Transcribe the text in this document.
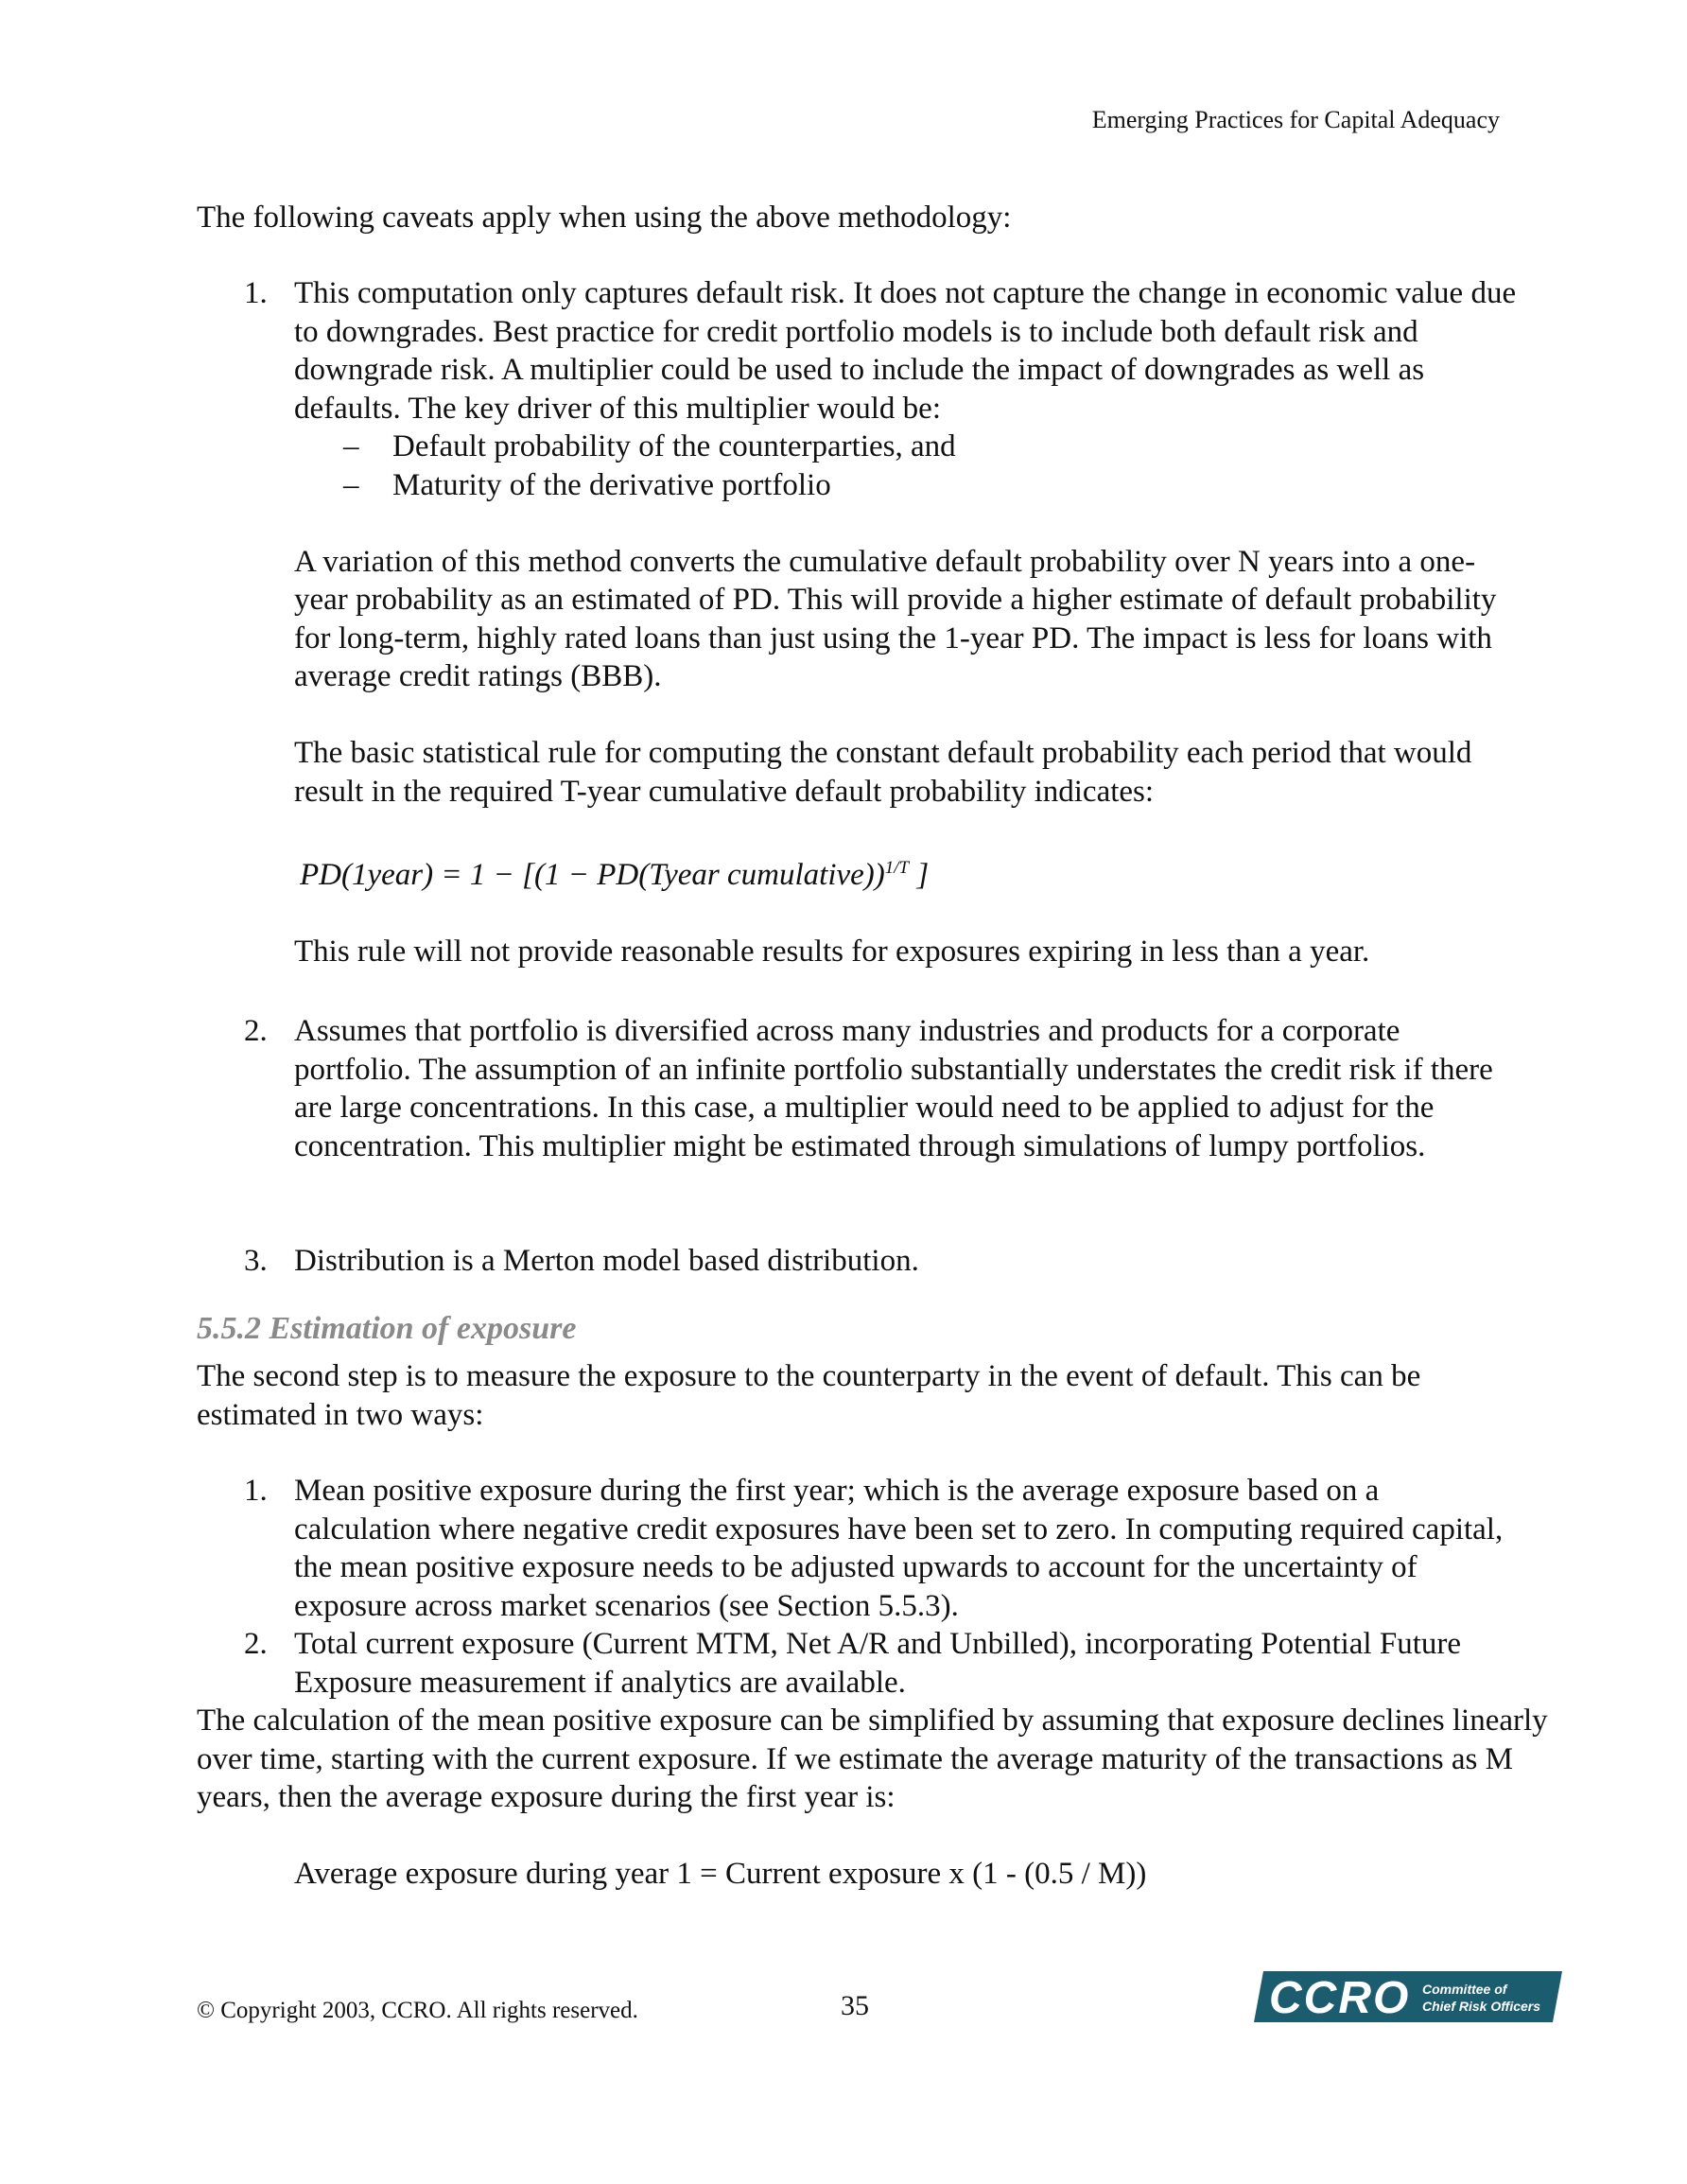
Emerging Practices for Capital Adequacy

The following caveats apply when using the above methodology:

1. This computation only captures default risk. It does not capture the change in economic value due to downgrades. Best practice for credit portfolio models is to include both default risk and downgrade risk. A multiplier could be used to include the impact of downgrades as well as defaults. The key driver of this multiplier would be:

– Default probability of the counterparties, and
– Maturity of the derivative portfolio

A variation of this method converts the cumulative default probability over N years into a one-year probability as an estimated of PD. This will provide a higher estimate of default probability for long-term, highly rated loans than just using the 1-year PD. The impact is less for loans with average credit ratings (BBB).

The basic statistical rule for computing the constant default probability each period that would result in the required T-year cumulative default probability indicates:

PD(1year) = 1 − [(1 − PD(Tyear cumulative))$^{1/T}$ ]

This rule will not provide reasonable results for exposures expiring in less than a year.

2. Assumes that portfolio is diversified across many industries and products for a corporate portfolio. The assumption of an infinite portfolio substantially understates the credit risk if there are large concentrations. In this case, a multiplier would need to be applied to adjust for the concentration. This multiplier might be estimated through simulations of lumpy portfolios.

3. Distribution is a Merton model based distribution.

5.5.2 Estimation of exposure

The second step is to measure the exposure to the counterparty in the event of default. This can be estimated in two ways:

1. Mean positive exposure during the first year; which is the average exposure based on a calculation where negative credit exposures have been set to zero. In computing required capital, the mean positive exposure needs to be adjusted upwards to account for the uncertainty of exposure across market scenarios (see Section 5.5.3).

2. Total current exposure (Current MTM, Net A/R and Unbilled), incorporating Potential Future Exposure measurement if analytics are available.

The calculation of the mean positive exposure can be simplified by assuming that exposure declines linearly over time, starting with the current exposure. If we estimate the average maturity of the transactions as M years, then the average exposure during the first year is:

Average exposure during year 1 = Current exposure x (1 - (0.5 / M))

© Copyright 2003, CCRO. All rights reserved.	35	CCRO Committee of
Chief Risk Officers
